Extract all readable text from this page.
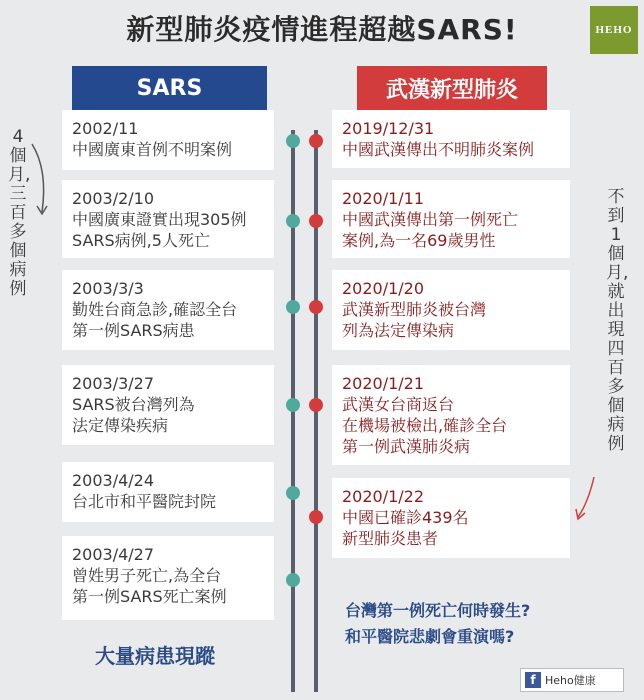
新型肺炎疫情進程超越SARS!	HEHO
SARS	武漢新型肺炎
2002/11
中國廣東首例不明案例
2003/2/10
中國廣東證實出現305例
SARS病例,5人死亡
2003/3/3
勤姓台商急診,確認全台
第一例SARS病患
2003/3/27
SARS被台灣列為
法定傳染疾病
2003/4/24
台北市和平醫院封院
2003/4/27
曾姓男子死亡,為全台
第一例SARS死亡案例
2019/12/31
中國武漢傳出不明肺炎案例
2020/1/11
中國武漢傳出第一例死亡
案例,為一名69歲男性
2020/1/20
武漢新型肺炎被台灣
列為法定傳染病
2020/1/21
武漢女台商返台
在機場被檢出,確診全台
第一例武漢肺炎病
2020/1/22
中國已確診439名
新型肺炎患者
4個月,三百多個病例
不到1個月,就出現四百多個病例
台灣第一例死亡何時發生?
和平醫院悲劇會重演嗎?
大量病患現蹤
f Heho健康
